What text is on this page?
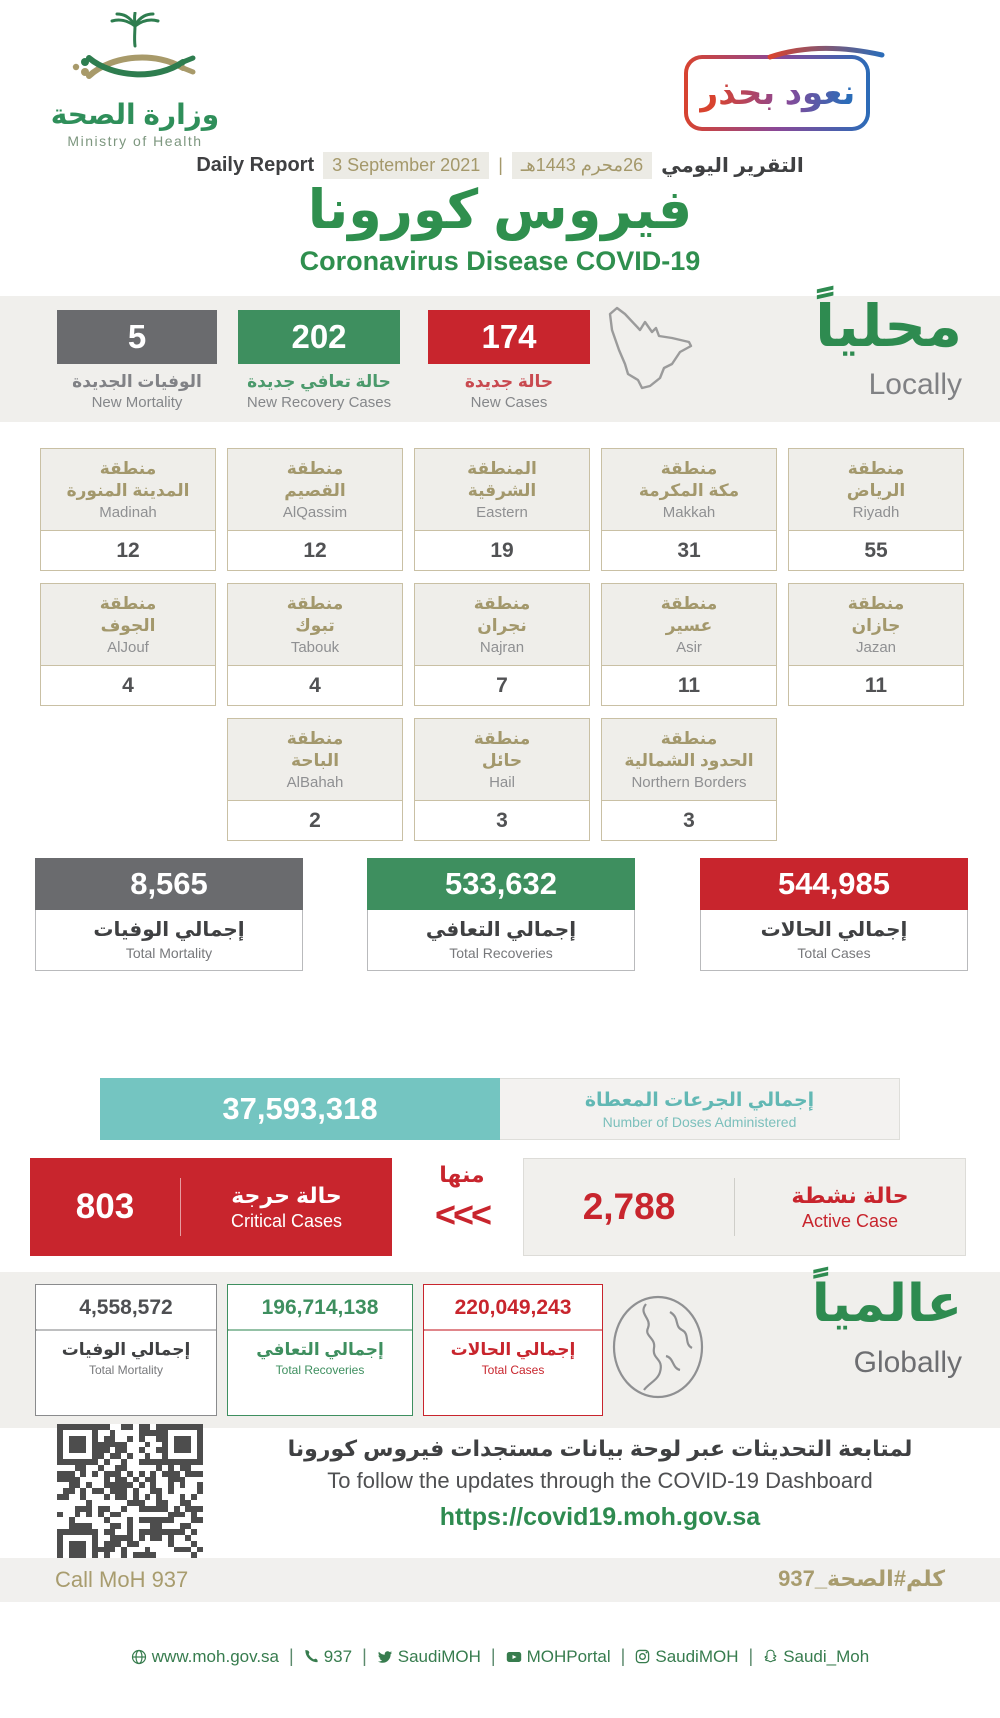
وزارة الصحة
Ministry of Health
نعود بحذر
Daily Report	3 September 2021	|	26محرم 1443هـ التقرير اليومي
فيروس كورونا
Coronavirus Disease COVID-19
5
الوفيات الجديدة
New Mortality
202
حالة تعافي جديدة
New Recovery Cases
174
حالة جديدة
New Cases
محلياً
Locally
منطقة
المدينة المنورة
Madinah
12
منطقة
القصيم
AlQassim
12
المنطقة
الشرقية
Eastern
19
منطقة
مكة المكرمة
Makkah
31
منطقة
الرياض
Riyadh
55
منطقة
الجوف
AlJouf
4
منطقة
تبوك
Tabouk
4
منطقة
نجران
Najran
7
منطقة
عسير
Asir
11
منطقة
جازان
Jazan
11
منطقة
الباحة
AlBahah
2
منطقة
حائل
Hail
3
منطقة
الحدود الشمالية
Northern Borders
3
8,565
إجمالي الوفيات
Total Mortality
533,632
إجمالي التعافي
Total Recoveries
544,985
إجمالي الحالات
Total Cases
37,593,318	إجمالي الجرعات المعطاة
Number of Doses Administered
803	حالة حرجة
Critical Cases
منها
<<<	2,788	حالة نشطة
Active Case
4,558,572
إجمالي الوفيات
Total Mortality
196,714,138
إجمالي التعافي
Total Recoveries
220,049,243
إجمالي الحالات
Total Cases
عالمياً
Globally
لمتابعة التحديثات عبر لوحة بيانات مستجدات فيروس كورونا
To follow the updates through the COVID-19 Dashboard
https://covid19.moh.gov.sa
Call MoH 937	كلم#الصحة_937
www.moh.gov.sa | 937 | SaudiMOH | MOHPortal | SaudiMOH | Saudi_Moh
